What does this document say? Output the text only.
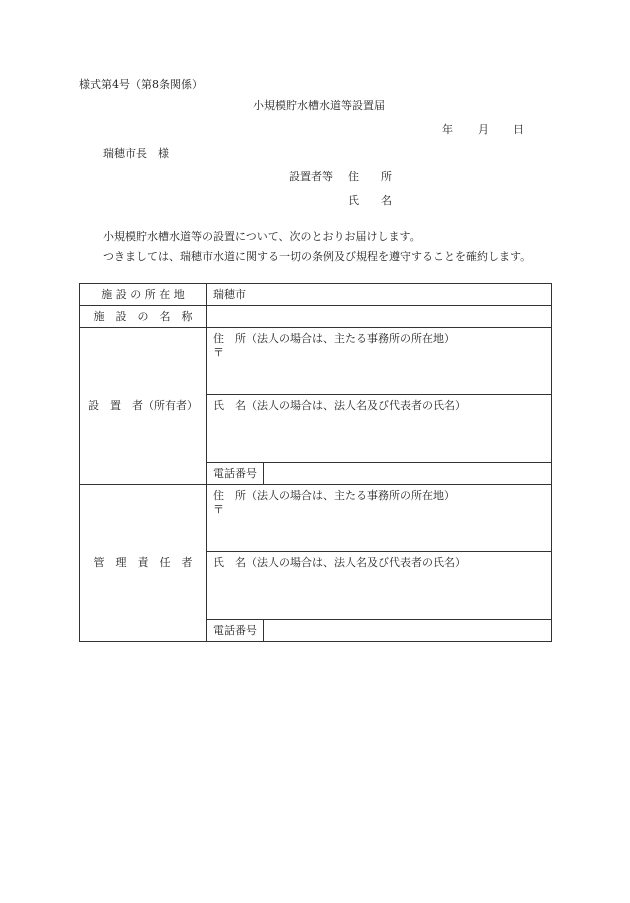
様式第4号（第8条関係）
小規模貯水槽水道等設置届
年 月 日
瑞穂市長　様
設置者等 住　　所
氏　　名
小規模貯水槽水道等の設置について、次のとおりお届けします。
つきましては、瑞穂市水道に関する一切の条例及び規程を遵守することを確約します。
施 設 の 所 在 地	瑞穂市
施　設　の　名　称	
設　置　者（所有者）	住　所（法人の場合は、主たる事務所の所在地）
〒

	氏　名（法人の場合は、法人名及び代表者の氏名）

電話番号

管　理　責　任　者	住　所（法人の場合は、主たる事務所の所在地）
〒

	氏　名（法人の場合は、法人名及び代表者の氏名）

電話番号
